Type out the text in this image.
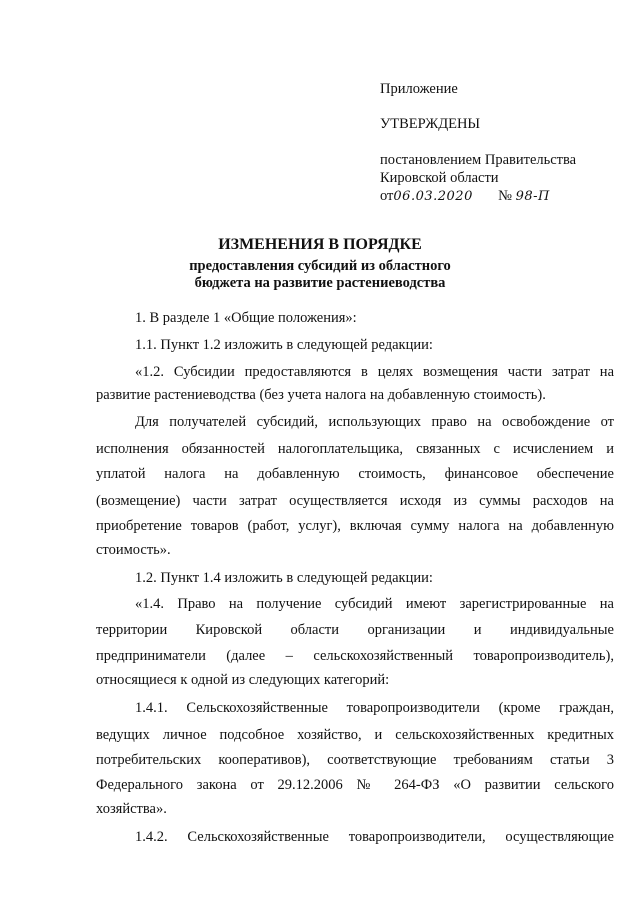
Приложение
УТВЕРЖДЕНЫ
постановлением Правительства
Кировской области
от06.03.2020 № 98-П
ИЗМЕНЕНИЯ В ПОРЯДКЕ
предоставления субсидий из областного
бюджета на развитие растениеводства
1. В разделе 1 «Общие положения»:
1.1. Пункт 1.2 изложить в следующей редакции:
«1.2. Субсидии предоставляются в целях возмещения части затрат на
развитие растениеводства (без учета налога на добавленную стоимость).
Для получателей субсидий, использующих право на освобождение от
исполнения обязанностей налогоплательщика, связанных с исчислением и
уплатой налога на добавленную стоимость, финансовое обеспечение
(возмещение) части затрат осуществляется исходя из суммы расходов на
приобретение товаров (работ, услуг), включая сумму налога на добавленную
стоимость».
1.2. Пункт 1.4 изложить в следующей редакции:
«1.4. Право на получение субсидий имеют зарегистрированные на
территории Кировской области организации и индивидуальные
предприниматели (далее – сельскохозяйственный товаропроизводитель),
относящиеся к одной из следующих категорий:
1.4.1. Сельскохозяйственные товаропроизводители (кроме граждан,
ведущих личное подсобное хозяйство, и сельскохозяйственных кредитных
потребительских кооперативов), соответствующие требованиям статьи 3
Федерального закона от 29.12.2006 № 264-ФЗ «О развитии сельского
хозяйства».
1.4.2. Сельскохозяйственные товаропроизводители, осуществляющие
